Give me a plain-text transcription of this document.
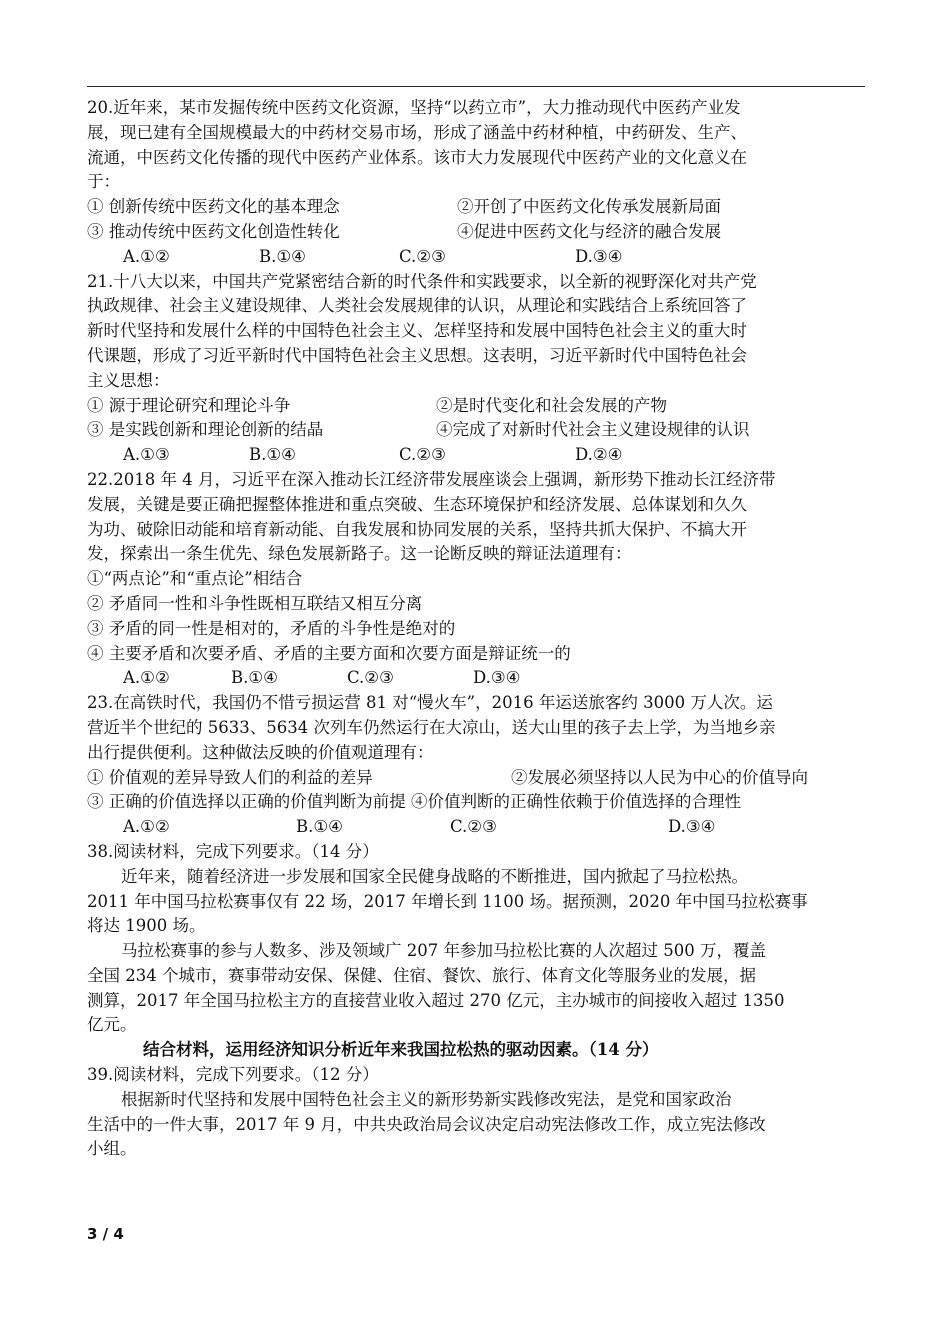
20.近年来，某市发掘传统中医药文化资源，坚持“以药立市”，大力推动现代中医药产业发
展，现已建有全国规模最大的中药材交易市场，形成了涵盖中药材种植，中药研发、生产、
流通，中医药文化传播的现代中医药产业体系。该市大力发展现代中医药产业的文化意义在
于：
① 创新传统中医药文化的基本理念	②开创了中医药文化传承发展新局面
③ 推动传统中医药文化创造性转化	④促进中医药文化与经济的融合发展
A.①②	B.①④	C.②③	D.③④
21.十八大以来，中国共产党紧密结合新的时代条件和实践要求，以全新的视野深化对共产党
执政规律、社会主义建设规律、人类社会发展规律的认识，从理论和实践结合上系统回答了
新时代坚持和发展什么样的中国特色社会主义、怎样坚持和发展中国特色社会主义的重大时
代课题，形成了习近平新时代中国特色社会主义思想。这表明，习近平新时代中国特色社会
主义思想：
① 源于理论研究和理论斗争	②是时代变化和社会发展的产物
③ 是实践创新和理论创新的结晶	④完成了对新时代社会主义建设规律的认识
A.①③	B.①④	C.②③	D.②④
22.2018 年 4 月，习近平在深入推动长江经济带发展座谈会上强调，新形势下推动长江经济带
发展，关键是要正确把握整体推进和重点突破、生态环境保护和经济发展、总体谋划和久久
为功、破除旧动能和培育新动能、自我发展和协同发展的关系，坚持共抓大保护、不搞大开
发，探索出一条生优先、绿色发展新路子。这一论断反映的辩证法道理有：
①“两点论”和“重点论”相结合
② 矛盾同一性和斗争性既相互联结又相互分离
③ 矛盾的同一性是相对的，矛盾的斗争性是绝对的
④ 主要矛盾和次要矛盾、矛盾的主要方面和次要方面是辩证统一的
A.①②	B.①④	C.②③	D.③④
23.在高铁时代，我国仍不惜亏损运营 81 对“慢火车”，2016 年运送旅客约 3000 万人次。运
营近半个世纪的 5633、5634 次列车仍然运行在大凉山，送大山里的孩子去上学，为当地乡亲
出行提供便利。这种做法反映的价值观道理有：
① 价值观的差异导致人们的利益的差异	②发展必须坚持以人民为中心的价值导向
③ 正确的价值选择以正确的价值判断为前提 ④价值判断的正确性依赖于价值选择的合理性
A.①②	B.①④	C.②③	D.③④
38.阅读材料，完成下列要求。（14 分）
近年来，随着经济进一步发展和国家全民健身战略的不断推进，国内掀起了马拉松热。
2011 年中国马拉松赛事仅有 22 场，2017 年增长到 1100 场。据预测，2020 年中国马拉松赛事
将达 1900 场。
马拉松赛事的参与人数多、涉及领域广 207 年参加马拉松比赛的人次超过 500 万，覆盖
全国 234 个城市，赛事带动安保、保健、住宿、餐饮、旅行、体育文化等服务业的发展，据
测算，2017 年全国马拉松主方的直接营业收入超过 270 亿元，主办城市的间接收入超过 1350
亿元。
结合材料，运用经济知识分析近年来我国拉松热的驱动因素。（14 分）
39.阅读材料，完成下列要求。（12 分）
根据新时代坚持和发展中国特色社会主义的新形势新实践修改宪法，是党和国家政治
生活中的一件大事，2017 年 9 月，中共央政治局会议决定启动宪法修改工作，成立宪法修改
小组。
3 / 4
